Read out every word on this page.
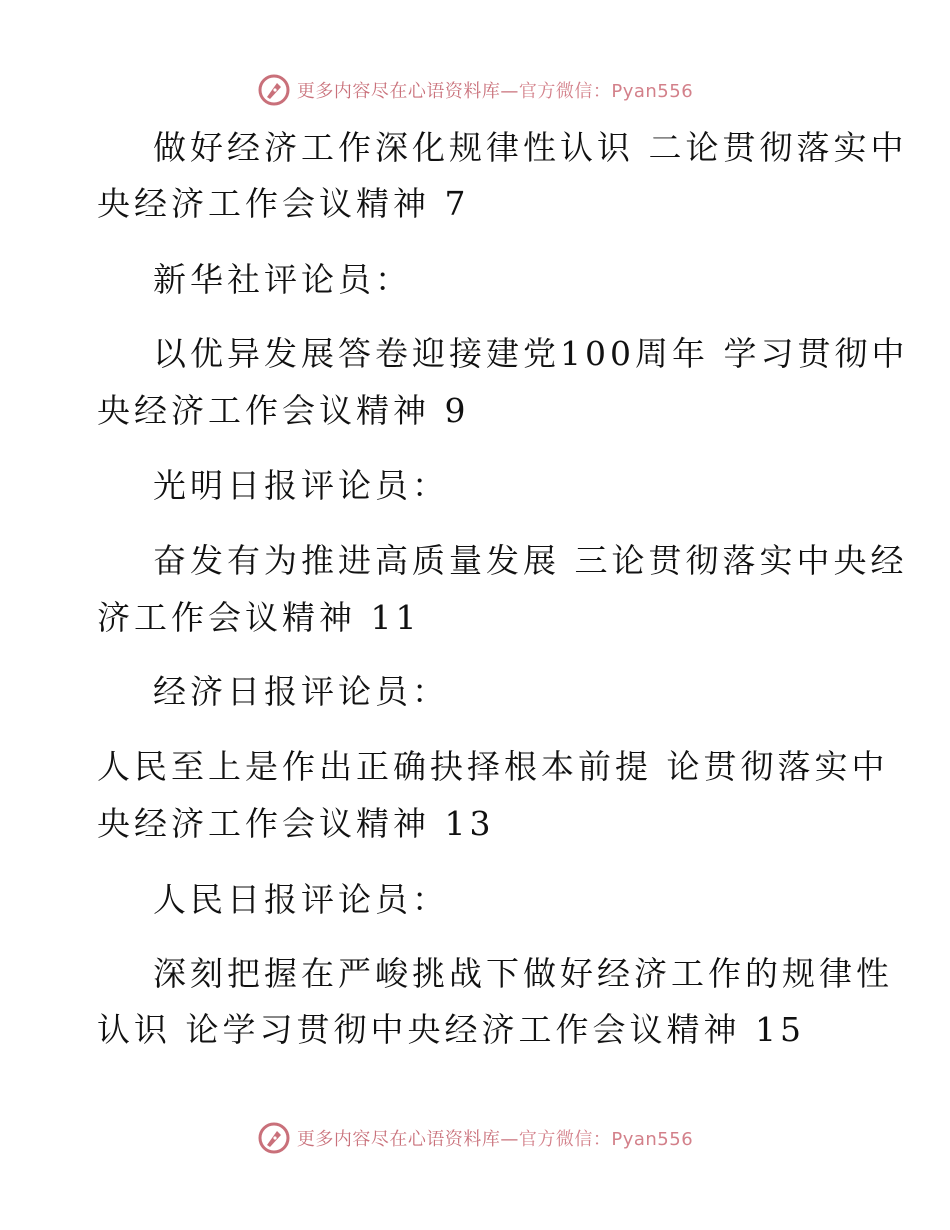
更多内容尽在心语资料库—官方微信：Pyan556
做好经济工作深化规律性认识 二论贯彻落实中
央经济工作会议精神 7
新华社评论员：
以优异发展答卷迎接建党100周年 学习贯彻中
央经济工作会议精神 9
光明日报评论员：
奋发有为推进高质量发展 三论贯彻落实中央经
济工作会议精神 11
经济日报评论员：
人民至上是作出正确抉择根本前提 论贯彻落实中
央经济工作会议精神 13
人民日报评论员：
深刻把握在严峻挑战下做好经济工作的规律性
认识 论学习贯彻中央经济工作会议精神 15
更多内容尽在心语资料库—官方微信：Pyan556
